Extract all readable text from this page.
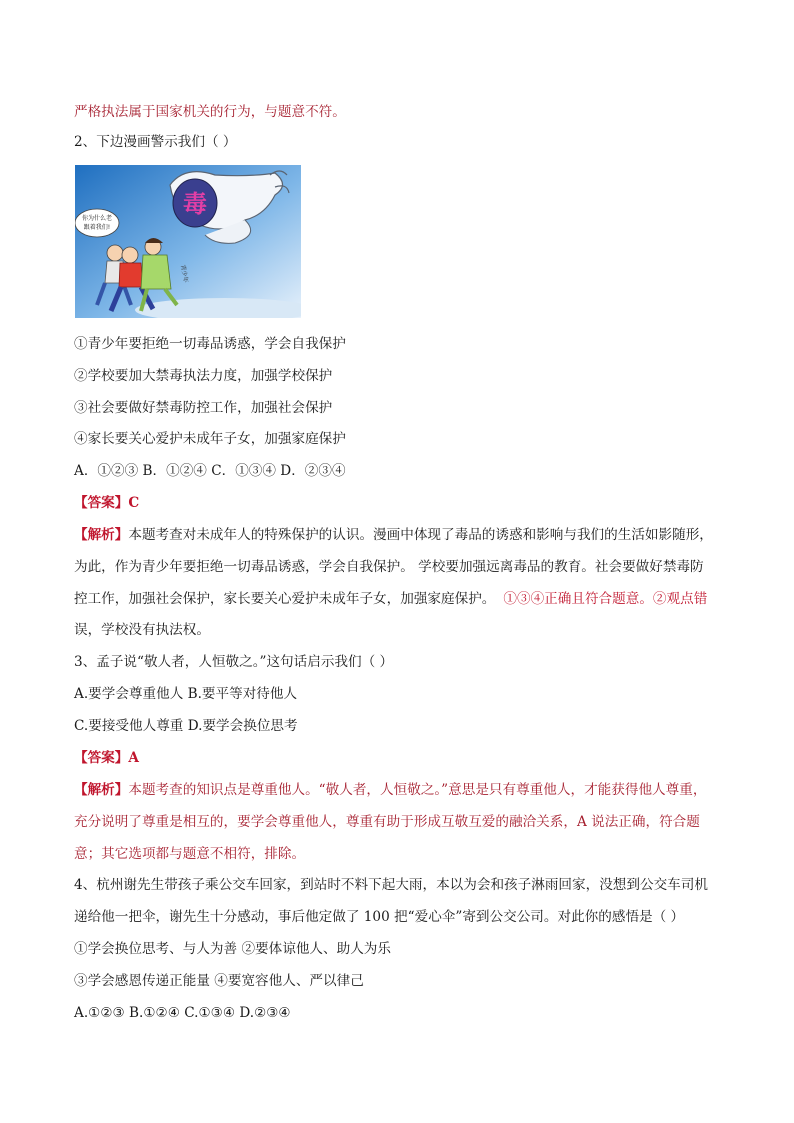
严格执法属于国家机关的行为，与题意不符。
2、下边漫画警示我们（ ）
毒
你为什么老
跟着我们!
青少年
①青少年要拒绝一切毒品诱惑，学会自我保护
②学校要加大禁毒执法力度，加强学校保护
③社会要做好禁毒防控工作，加强社会保护
④家长要关心爱护未成年子女，加强家庭保护
A．①②③ B．①②④ C．①③④ D．②③④
【答案】C
【解析】本题考查对未成年人的特殊保护的认识。漫画中体现了毒品的诱惑和影响与我们的生活如影随形，
为此，作为青少年要拒绝一切毒品诱惑，学会自我保护。 学校要加强远离毒品的教育。社会要做好禁毒防
控工作，加强社会保护，家长要关心爱护未成年子女，加强家庭保护。 ①③④正确且符合题意。②观点错
误，学校没有执法权。
3、孟子说“敬人者，人恒敬之。”这句话启示我们（ ）
A.要学会尊重他人 B.要平等对待他人
C.要接受他人尊重 D.要学会换位思考
【答案】A
【解析】本题考查的知识点是尊重他人。“敬人者，人恒敬之。”意思是只有尊重他人，才能获得他人尊重，
充分说明了尊重是相互的，要学会尊重他人，尊重有助于形成互敬互爱的融洽关系，A 说法正确，符合题
意；其它选项都与题意不相符，排除。
4、杭州谢先生带孩子乘公交车回家，到站时不料下起大雨，本以为会和孩子淋雨回家，没想到公交车司机
递给他一把伞，谢先生十分感动，事后他定做了 100 把“爱心伞”寄到公交公司。对此你的感悟是（ ）
①学会换位思考、与人为善 ②要体谅他人、助人为乐
③学会感恩传递正能量 ④要宽容他人、严以律己
A.①②③ B.①②④ C.①③④ D.②③④
